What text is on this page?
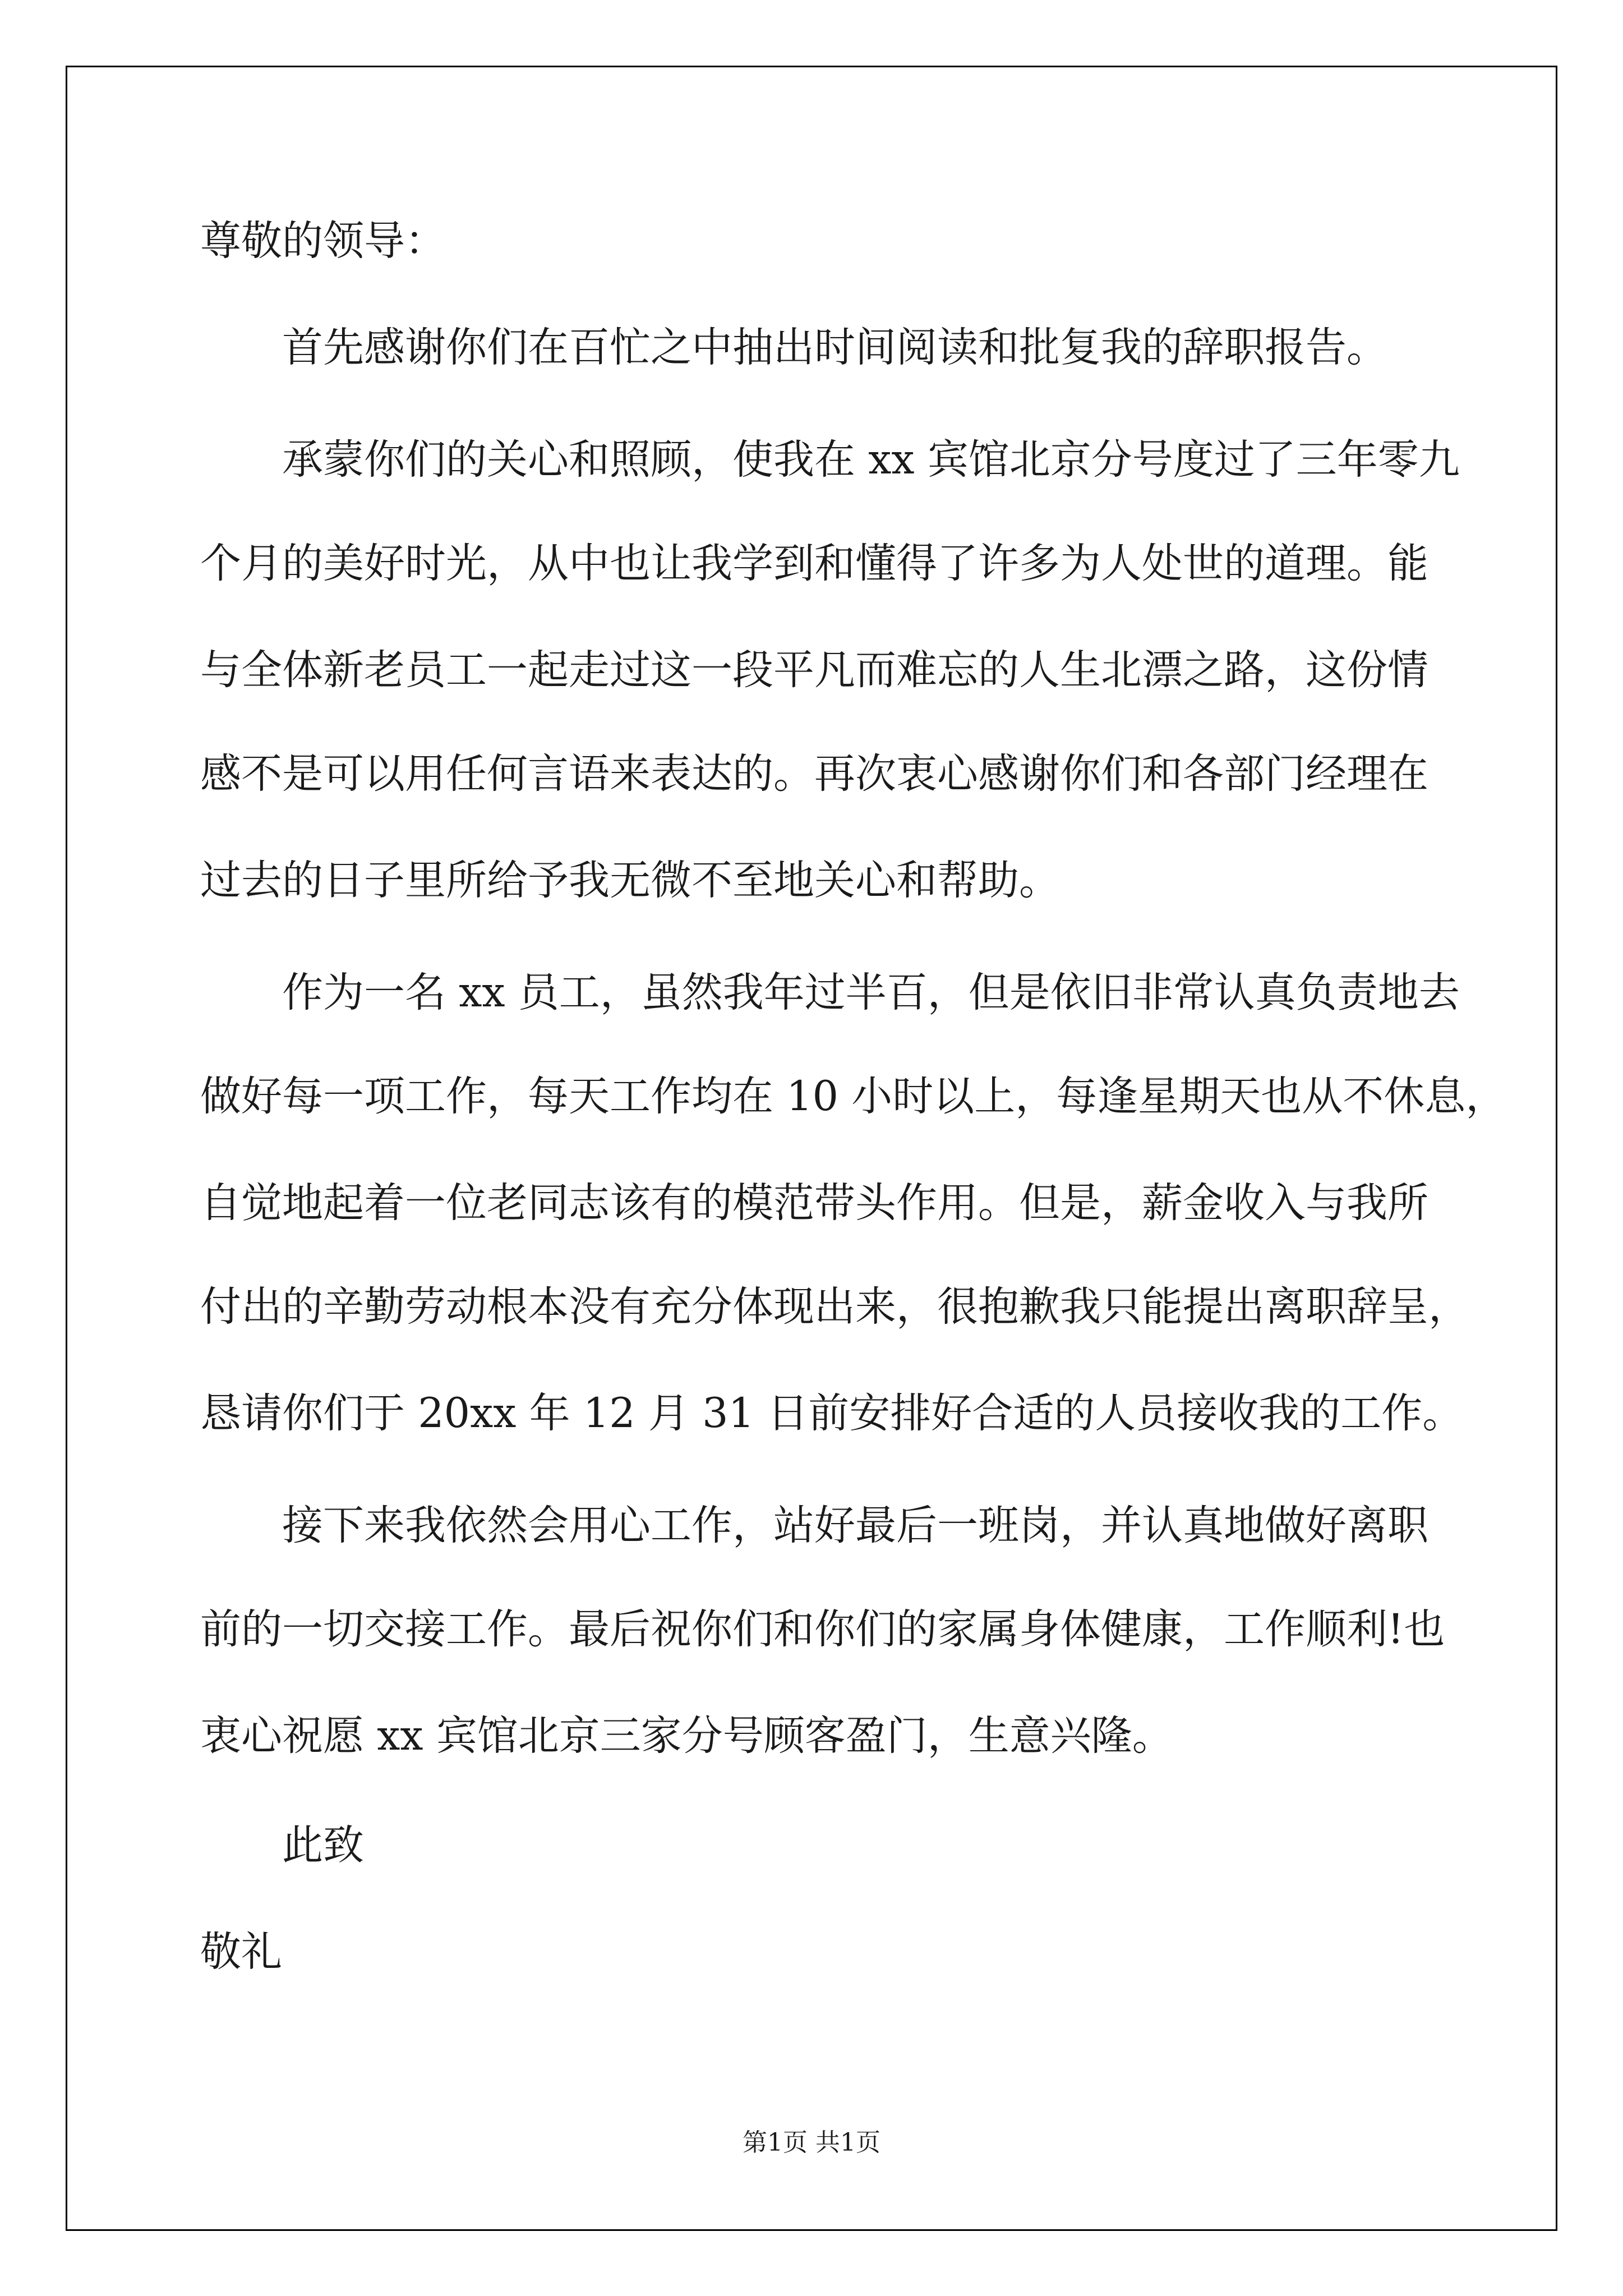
尊敬的领导：

首先感谢你们在百忙之中抽出时间阅读和批复我的辞职报告。

承蒙你们的关心和照顾，使我在 xx 宾馆北京分号度过了三年零九

个月的美好时光，从中也让我学到和懂得了许多为人处世的道理。能

与全体新老员工一起走过这一段平凡而难忘的人生北漂之路，这份情

感不是可以用任何言语来表达的。再次衷心感谢你们和各部门经理在

过去的日子里所给予我无微不至地关心和帮助。

作为一名 xx 员工，虽然我年过半百，但是依旧非常认真负责地去

做好每一项工作，每天工作均在 10 小时以上，每逢星期天也从不休息，

自觉地起着一位老同志该有的模范带头作用。但是，薪金收入与我所

付出的辛勤劳动根本没有充分体现出来，很抱歉我只能提出离职辞呈，

恳请你们于 20xx 年 12 月 31 日前安排好合适的人员接收我的工作。

接下来我依然会用心工作，站好最后一班岗，并认真地做好离职

前的一切交接工作。最后祝你们和你们的家属身体健康，工作顺利!也

衷心祝愿 xx 宾馆北京三家分号顾客盈门，生意兴隆。

此致

敬礼

第1页 共1页
